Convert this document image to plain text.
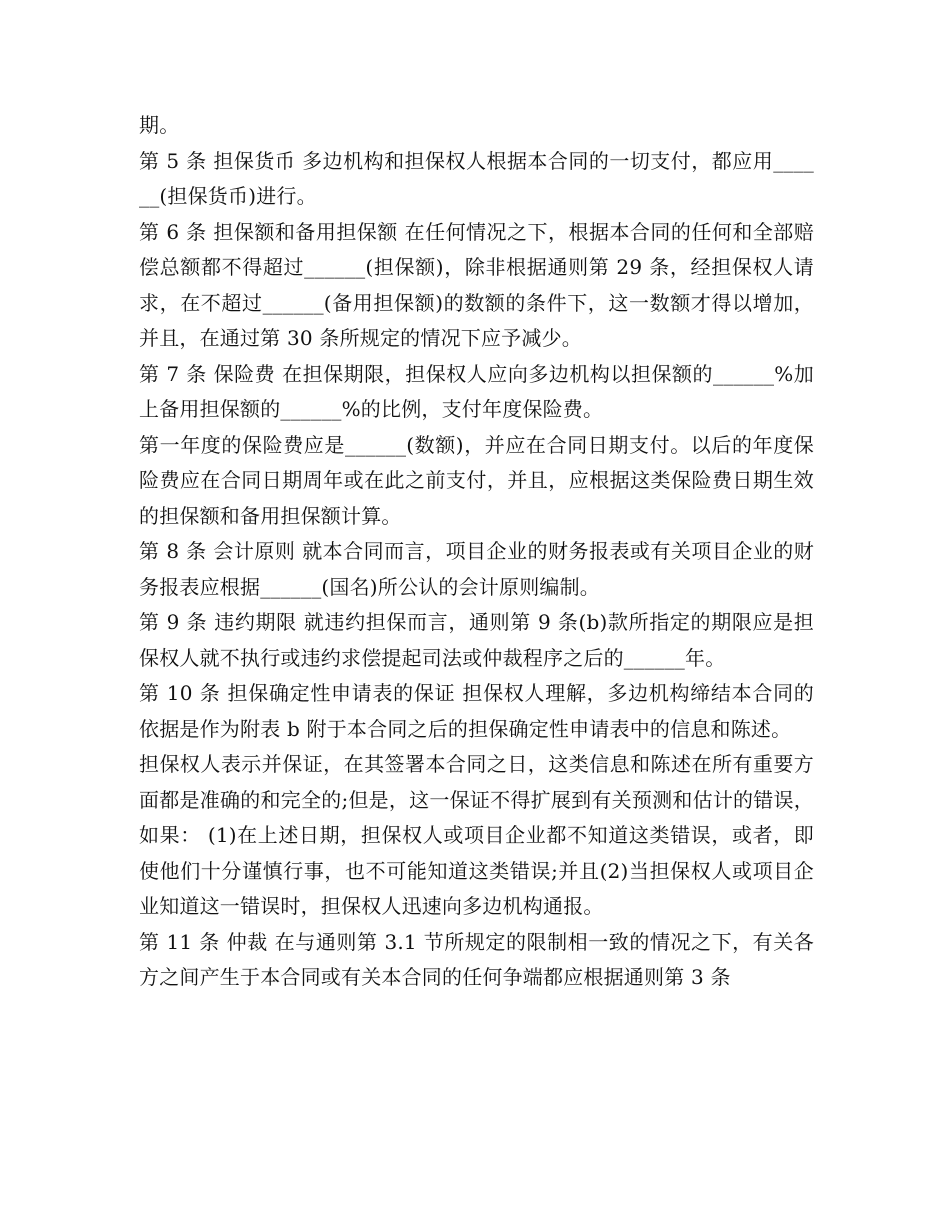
期。

第 5 条 担保货币 多边机构和担保权人根据本合同的一切支付，都应用______(担保货币)进行。

第 6 条 担保额和备用担保额 在任何情况之下，根据本合同的任何和全部赔偿总额都不得超过______(担保额)，除非根据通则第 29 条，经担保权人请求，在不超过______(备用担保额)的数额的条件下，这一数额才得以增加，并且，在通过第 30 条所规定的情况下应予减少。

第 7 条 保险费 在担保期限，担保权人应向多边机构以担保额的______%加上备用担保额的______%的比例，支付年度保险费。

第一年度的保险费应是______(数额)，并应在合同日期支付。以后的年度保险费应在合同日期周年或在此之前支付，并且，应根据这类保险费日期生效的担保额和备用担保额计算。

第 8 条 会计原则 就本合同而言，项目企业的财务报表或有关项目企业的财务报表应根据______(国名)所公认的会计原则编制。

第 9 条 违约期限 就违约担保而言，通则第 9 条(b)款所指定的期限应是担保权人就不执行或违约求偿提起司法或仲裁程序之后的______年。

第 10 条 担保确定性申请表的保证 担保权人理解，多边机构缔结本合同的依据是作为附表 b 附于本合同之后的担保确定性申请表中的信息和陈述。

担保权人表示并保证，在其签署本合同之日，这类信息和陈述在所有重要方面都是准确的和完全的;但是，这一保证不得扩展到有关预测和估计的错误，如果： (1)在上述日期，担保权人或项目企业都不知道这类错误，或者，即使他们十分谨慎行事，也不可能知道这类错误;并且(2)当担保权人或项目企业知道这一错误时，担保权人迅速向多边机构通报。

第 11 条 仲裁 在与通则第 3.1 节所规定的限制相一致的情况之下，有关各方之间产生于本合同或有关本合同的任何争端都应根据通则第 3 条
